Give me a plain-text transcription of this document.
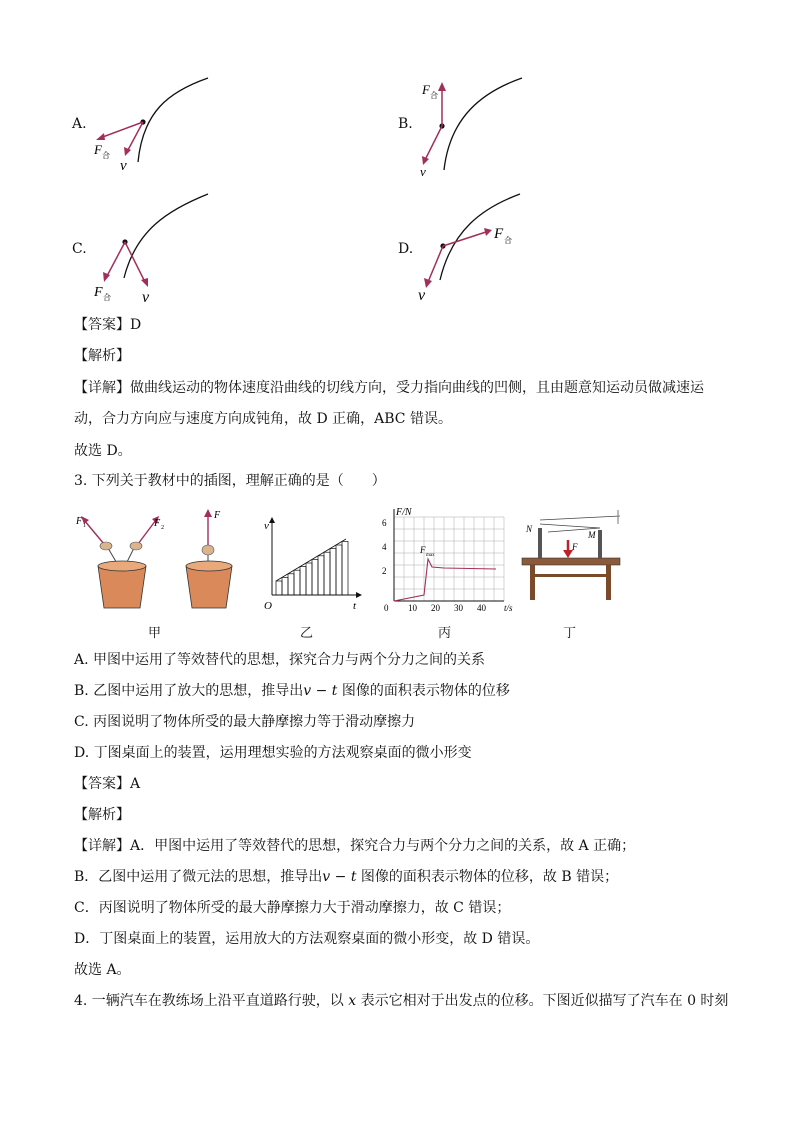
A.
F 合
v
B.
F 合
v
C.
F 合 v
D.
F 合
v
【答案】D
【解析】
【详解】做曲线运动的物体速度沿曲线的切线方向，受力指向曲线的凹侧，且由题意知运动员做减速运
动，合力方向应与速度方向成钝角，故 D 正确，ABC 错误。
故选 D。
3. 下列关于教材中的插图，理解正确的是（　　）
F 1	F 2
F
甲
v
t
O
乙
F/N
t/s
6
4
2
0 10 20 30 40
F
max
丙
N
M
F
丁
A. 甲图中运用了等效替代的思想，探究合力与两个分力之间的关系
B. 乙图中运用了放大的思想，推导出v − t 图像的面积表示物体的位移
C. 丙图说明了物体所受的最大静摩擦力等于滑动摩擦力
D. 丁图桌面上的装置，运用理想实验的方法观察桌面的微小形变
【答案】A
【解析】
【详解】A．甲图中运用了等效替代的思想，探究合力与两个分力之间的关系，故 A 正确；
B．乙图中运用了微元法的思想，推导出v − t 图像的面积表示物体的位移，故 B 错误；
C．丙图说明了物体所受的最大静摩擦力大于滑动摩擦力，故 C 错误；
D．丁图桌面上的装置，运用放大的方法观察桌面的微小形变，故 D 错误。
故选 A。
4. 一辆汽车在教练场上沿平直道路行驶，以 x 表示它相对于出发点的位移。下图近似描写了汽车在 0 时刻
